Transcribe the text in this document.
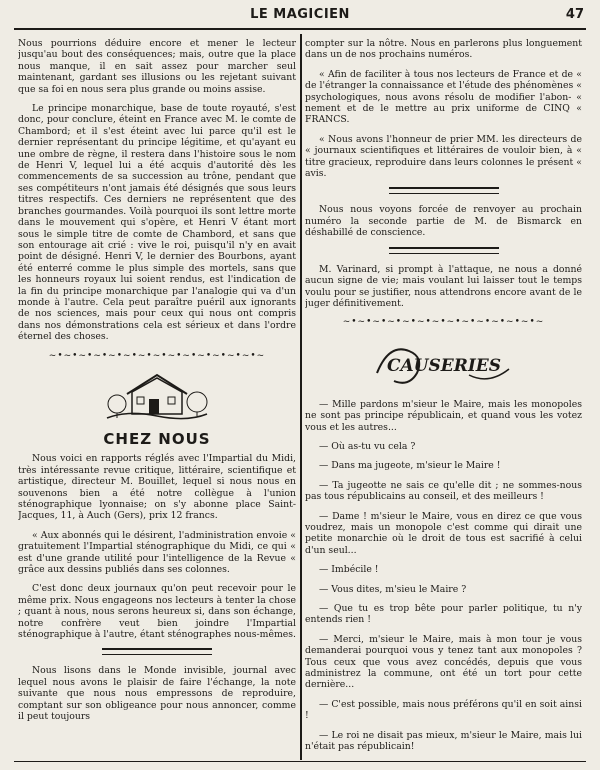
LE MAGICIEN	47

Nous pourrions déduire encore et mener le lecteur jusqu'au bout des conséquences; mais, outre que la place nous manque, il en sait assez pour marcher seul maintenant, gardant ses illusions ou les rejetant suivant que sa foi en nous sera plus grande ou moins assise.

Le principe monarchique, base de toute royauté, s'est donc, pour conclure, éteint en France avec M. le comte de Chambord; et il s'est éteint avec lui parce qu'il est le dernier représentant du principe légitime, et qu'ayant eu une ombre de règne, il restera dans l'histoire sous le nom de Henri V, lequel lui a été acquis d'autorité dès les commencements de sa succession au trône, pendant que ses compétiteurs n'ont jamais été désignés que sous leurs titres respectifs. Ces derniers ne représentent que des branches gourmandes. Voilà pourquoi ils sont lettre morte dans le mouvement qui s'opère, et Henri V étant mort sous le simple titre de comte de Chambord, et sans que son entourage ait crié : vive le roi, puisqu'il n'y en avait point de désigné. Henri V, le dernier des Bourbons, ayant été enterré comme le plus simple des mortels, sans que les honneurs royaux lui soient rendus, est l'indication de la fin du principe monarchique par l'analogie qui va d'un monde à l'autre. Cela peut paraître puéril aux ignorants de nos sciences, mais pour ceux qui nous ont compris dans nos démonstrations cela est sérieux et dans l'ordre éternel des choses.

~•~•~•~•~•~•~•~•~•~•~•~•~•~•~
CHEZ NOUS

Nous voici en rapports réglés avec l'Impartial du Midi, très intéressante revue critique, littéraire, scientifique et artistique, directeur M. Bouillet, lequel si nous nous en souvenons bien a été notre collègue à l'union sténographique lyonnaise; on s'y abonne place Saint-Jacques, 11, à Auch (Gers), prix 12 francs.

« Aux abonnés qui le désirent, l'administration envoie « gratuitement l'Impartial sténographique du Midi, ce qui « est d'une grande utilité pour l'intelligence de la Revue « grâce aux dessins publiés dans ses colonnes.

C'est donc deux journaux qu'on peut recevoir pour le même prix. Nous engageons nos lecteurs à tenter la chose ; quant à nous, nous serons heureux si, dans son échange, notre confrère veut bien joindre l'Impartial sténographique à l'autre, étant sténographes nous-mêmes.

Nous lisons dans le Monde invisible, journal avec lequel nous avons le plaisir de faire l'échange, la note suivante que nous nous empressons de reproduire, comptant sur son obligeance pour nous annoncer, comme il peut toujours

compter sur la nôtre. Nous en parlerons plus longuement dans un de nos prochains numéros.

« Afin de faciliter à tous nos lecteurs de France et de « de l'étranger la connaissance et l'étude des phénomènes « psychologiques, nous avons résolu de modifier l'abon- « nement et de le mettre au prix uniforme de CINQ « FRANCS.

« Nous avons l'honneur de prier MM. les directeurs de « journaux scientifiques et littéraires de vouloir bien, à « titre gracieux, reproduire dans leurs colonnes le présent « avis.

Nous nous voyons forcée de renvoyer au prochain numéro la seconde partie de M. de Bismarck en déshabillé de conscience.

M. Varinard, si prompt à l'attaque, ne nous a donné aucun signe de vie; mais voulant lui laisser tout le temps voulu pour se justifier, nous attendrons encore avant de le juger définitivement.

~•~•~•~•~•~•~•~•~•~•~•~•~•~
CAUSERIES

— Mille pardons m'sieur le Maire, mais les monopoles ne sont pas principe républicain, et quand vous les votez vous et les autres...

— Où as-tu vu cela ?

— Dans ma jugeote, m'sieur le Maire !

— Ta jugeotte ne sais ce qu'elle dit ; ne sommes-nous pas tous républicains au conseil, et des meilleurs !

— Dame ! m'sieur le Maire, vous en direz ce que vous voudrez, mais un monopole c'est comme qui dirait une petite monarchie où le droit de tous est sacrifié à celui d'un seul...

— Imbécile !

— Vous dites, m'sieu le Maire ?

— Que tu es trop bête pour parler politique, tu n'y entends rien !

— Merci, m'sieur le Maire, mais à mon tour je vous demanderai pourquoi vous y tenez tant aux monopoles ? Tous ceux que vous avez concédés, depuis que vous administrez la commune, ont été un tort pour cette dernière...

— C'est possible, mais nous préférons qu'il en soit ainsi !

— Le roi ne disait pas mieux, m'sieur le Maire, mais lui n'était pas républicain!
